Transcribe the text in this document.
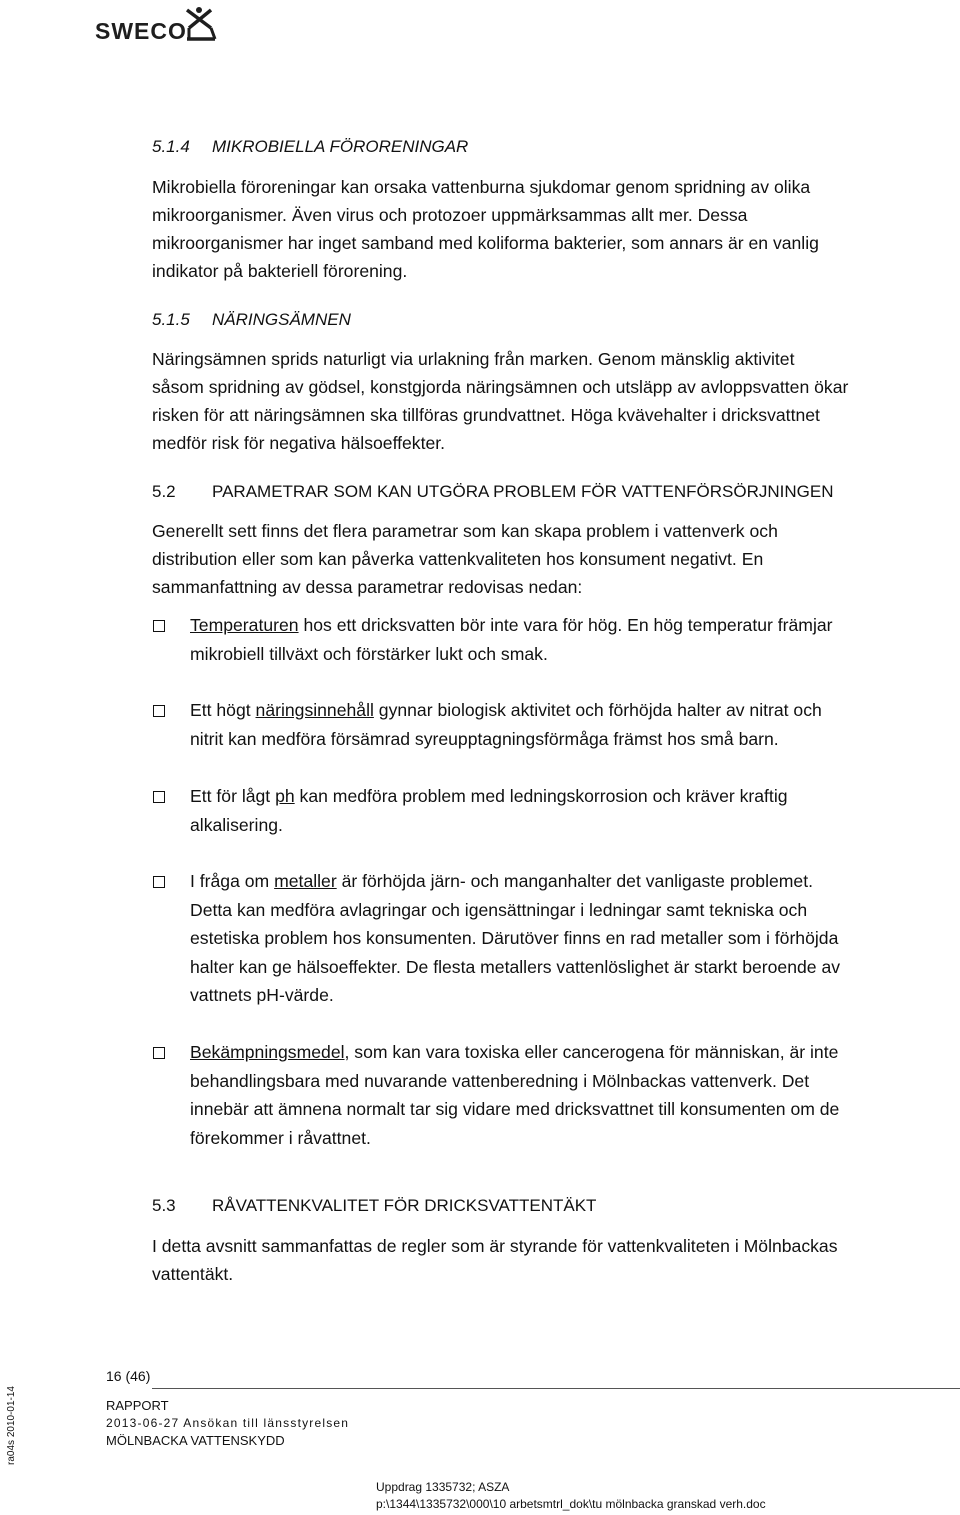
SWECO
5.1.4 MIKROBIELLA FÖRORENINGAR
Mikrobiella föroreningar kan orsaka vattenburna sjukdomar genom spridning av olika
mikroorganismer. Även virus och protozoer uppmärksammas allt mer. Dessa
mikroorganismer har inget samband med koliforma bakterier, som annars är en vanlig
indikator på bakteriell förorening.
5.1.5 NÄRINGSÄMNEN
Näringsämnen sprids naturligt via urlakning från marken. Genom mänsklig aktivitet
såsom spridning av gödsel, konstgjorda näringsämnen och utsläpp av avloppsvatten ökar
risken för att näringsämnen ska tillföras grundvattnet. Höga kvävehalter i dricksvattnet
medför risk för negativa hälsoeffekter.
5.2 PARAMETRAR SOM KAN UTGÖRA PROBLEM FÖR VATTENFÖRSÖRJNINGEN
Generellt sett finns det flera parametrar som kan skapa problem i vattenverk och
distribution eller som kan påverka vattenkvaliteten hos konsument negativt. En
sammanfattning av dessa parametrar redovisas nedan:
Temperaturen hos ett dricksvatten bör inte vara för hög. En hög temperatur främjar
mikrobiell tillväxt och förstärker lukt och smak.
Ett högt näringsinnehåll gynnar biologisk aktivitet och förhöjda halter av nitrat och
nitrit kan medföra försämrad syreupptagningsförmåga främst hos små barn.
Ett för lågt ph kan medföra problem med ledningskorrosion och kräver kraftig
alkalisering.
I fråga om metaller är förhöjda järn- och manganhalter det vanligaste problemet.
Detta kan medföra avlagringar och igensättningar i ledningar samt tekniska och
estetiska problem hos konsumenten. Därutöver finns en rad metaller som i förhöjda
halter kan ge hälsoeffekter. De flesta metallers vattenlöslighet är starkt beroende av
vattnets pH-värde.
Bekämpningsmedel, som kan vara toxiska eller cancerogena för människan, är inte
behandlingsbara med nuvarande vattenberedning i Mölnbackas vattenverk. Det
innebär att ämnena normalt tar sig vidare med dricksvattnet till konsumenten om de
förekommer i råvattnet.
5.3 RÅVATTENKVALITET FÖR DRICKSVATTENTÄKT
I detta avsnitt sammanfattas de regler som är styrande för vattenkvaliteten i Mölnbackas
vattentäkt.
16 (46)
RAPPORT
2013-06-27 Ansökan till länsstyrelsen
MÖLNBACKA VATTENSKYDD
Uppdrag 1335732; ASZA
p:\1344\1335732\000\10 arbetsmtrl_dok\tu mölnbacka granskad verh.doc
ra04s 2010-01-14
